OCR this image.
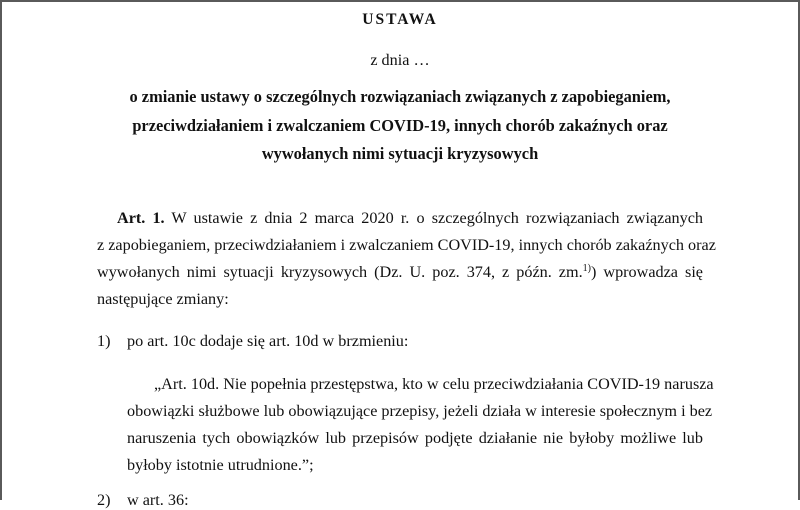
USTAWA
z dnia …
o zmianie ustawy o szczególnych rozwiązaniach związanych z zapobieganiem,
przeciwdziałaniem i zwalczaniem COVID-19, innych chorób zakaźnych oraz
wywołanych nimi sytuacji kryzysowych
Art. 1. W ustawie z dnia 2 marca 2020 r. o szczególnych rozwiązaniach związanych
z zapobieganiem, przeciwdziałaniem i zwalczaniem COVID-19, innych chorób zakaźnych oraz
wywołanych nimi sytuacji kryzysowych (Dz. U. poz. 374, z późn. zm.$^{1)}$) wprowadza się
następujące zmiany:
1) po art. 10c dodaje się art. 10d w brzmieniu:
„Art. 10d. Nie popełnia przestępstwa, kto w celu przeciwdziałania COVID-19 narusza
obowiązki służbowe lub obowiązujące przepisy, jeżeli działa w interesie społecznym i bez
naruszenia tych obowiązków lub przepisów podjęte działanie nie byłoby możliwe lub
byłoby istotnie utrudnione.”;
2) w art. 36:
